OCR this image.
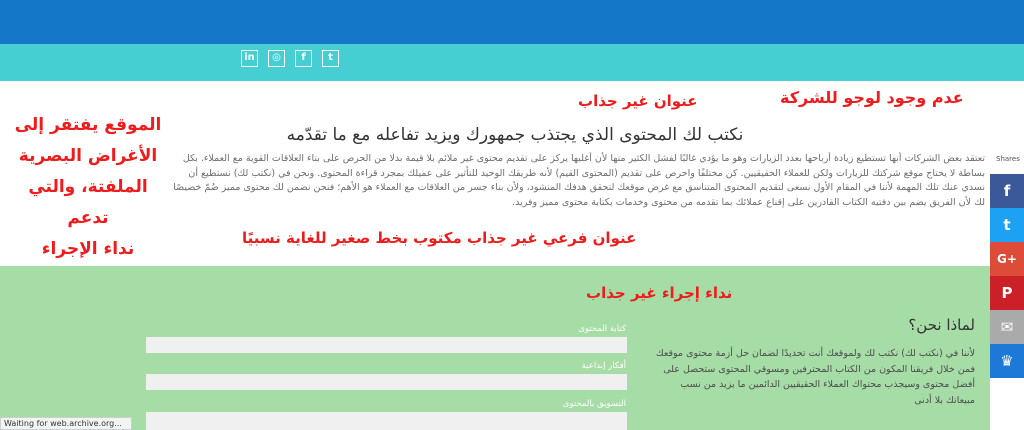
in	◎	f	t
عدم وجود لوجو للشركة
عنوان غير جذاب
الموقع يفتقر إلى
الأغراض البصرية
الملفتة، والتي تدعم
نداء الإجراء
نكتب لك المحتوى الذي يجتذب جمهورك ويزيد تفاعله مع ما تقدّمه
تعتقد بعض الشركات أنها تستطيع زيادة أرباحها بعدد الزيارات وهو ما يؤدي غالبًا لفشل الكثير منها لأن أغلبها يركز على تقديم محتوى غير ملائم بلا قيمة بدلا من الحرص على بناء العلاقات القوية مع العملاء. بكل بساطة لا يحتاج موقع شركتك للزيارات ولكن للعملاء الحقيقيين. كن مختلفًا واحرص على تقديم (المحتوى القيم) لأنه طريقك الوحيد للتأثير على عميلك بمجرد قراءة المحتوى. ونحن في (نكتب لك) نستطيع أن نسدي عنك تلك المهمة لأننا في المقام الأول نسعى لتقديم المحتوى المتناسق مع غرض موقعك لتحقق هدفك المنشود، ولأن بناء جسر من العلاقات مع العملاء هو الأهم؛ فنحن نضمن لك محتوى مميز ضُمّ خصيصًا لك لأن الفريق يضم بين دفتيه الكتاب القادرين على إقناع عملائك بما تقدمه من محتوى وخدمات بكتابة محتوى مميز وفريد.
عنوان فرعي غير جذاب مكتوب بخط صغير للغاية نسبيًا
نداء إجراء غير جذاب
لماذا نحن؟
لأننا في (نكتب لك) نكتب لك ولموقعك أنت تحديدًا لضمان حل أزمة محتوى موقعك فمن خلال فريقنا المكون من الكتاب المحترفين ومسوقي المحتوى ستحصل على أفضل محتوى وسيجذب محتواك العملاء الحقيقيين الدائمين ما يزيد من نسب مبيعاتك بلا أدنى
كتابة المحتوى
أفكار إبداعية
التسويق بالمحتوى
Waiting for web.archive.org...
Shares
f
t
G+
P
✉
♛
